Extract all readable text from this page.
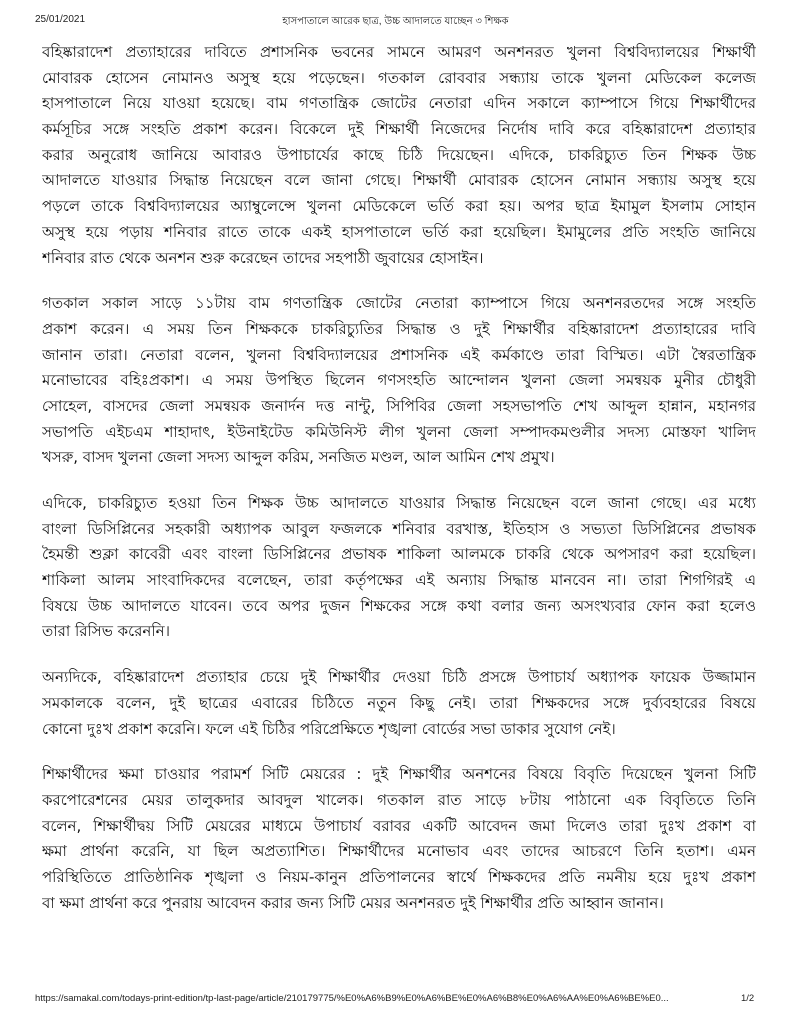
25/01/2021	হাসপাতালে আরেক ছাত্র, উচ্চ আদালতে যাচ্ছেন ৩ শিক্ষক
বহিষ্কারাদেশ প্রত্যাহারের দাবিতে প্রশাসনিক ভবনের সামনে আমরণ অনশনরত খুলনা বিশ্ববিদ্যালয়ের শিক্ষার্থী
মোবারক হোসেন নোমানও অসুস্থ হয়ে পড়েছেন। গতকাল রোববার সন্ধ্যায় তাকে খুলনা মেডিকেল কলেজ
হাসপাতালে নিয়ে যাওয়া হয়েছে। বাম গণতান্ত্রিক জোটের নেতারা এদিন সকালে ক্যাম্পাসে গিয়ে শিক্ষার্থীদের
কর্মসূচির সঙ্গে সংহতি প্রকাশ করেন। বিকেলে দুই শিক্ষার্থী নিজেদের নির্দোষ দাবি করে বহিষ্কারাদেশ প্রত্যাহার
করার অনুরোধ জানিয়ে আবারও উপাচার্যের কাছে চিঠি দিয়েছেন। এদিকে, চাকরিচ্যুত তিন শিক্ষক উচ্চ
আদালতে যাওয়ার সিদ্ধান্ত নিয়েছেন বলে জানা গেছে। শিক্ষার্থী মোবারক হোসেন নোমান সন্ধ্যায় অসুস্থ হয়ে
পড়লে তাকে বিশ্ববিদ্যালয়ের অ্যাম্বুলেন্সে খুলনা মেডিকেলে ভর্তি করা হয়। অপর ছাত্র ইমামুল ইসলাম সোহান
অসুস্থ হয়ে পড়ায় শনিবার রাতে তাকে একই হাসপাতালে ভর্তি করা হয়েছিল। ইমামুলের প্রতি সংহতি জানিয়ে
শনিবার রাত থেকে অনশন শুরু করেছেন তাদের সহপাঠী জুবায়ের হোসাইন।
গতকাল সকাল সাড়ে ১১টায় বাম গণতান্ত্রিক জোটের নেতারা ক্যাম্পাসে গিয়ে অনশনরতদের সঙ্গে সংহতি
প্রকাশ করেন। এ সময় তিন শিক্ষককে চাকরিচ্যুতির সিদ্ধান্ত ও দুই শিক্ষার্থীর বহিষ্কারাদেশ প্রত্যাহারের দাবি
জানান তারা। নেতারা বলেন, খুলনা বিশ্ববিদ্যালয়ের প্রশাসনিক এই কর্মকাণ্ডে তারা বিস্মিত। এটা স্বৈরতান্ত্রিক
মনোভাবের বহিঃপ্রকাশ। এ সময় উপস্থিত ছিলেন গণসংহতি আন্দোলন খুলনা জেলা সমন্বয়ক মুনীর চৌধুরী
সোহেল, বাসদের জেলা সমন্বয়ক জনার্দন দত্ত নান্টু, সিপিবির জেলা সহসভাপতি শেখ আব্দুল হান্নান, মহানগর
সভাপতি এইচএম শাহাদাৎ, ইউনাইটেড কমিউনিস্ট লীগ খুলনা জেলা সম্পাদকমণ্ডলীর সদস্য মোস্তফা খালিদ
খসরু, বাসদ খুলনা জেলা সদস্য আব্দুল করিম, সনজিত মণ্ডল, আল আমিন শেখ প্রমুখ।
এদিকে, চাকরিচ্যুত হওয়া তিন শিক্ষক উচ্চ আদালতে যাওয়ার সিদ্ধান্ত নিয়েছেন বলে জানা গেছে। এর মধ্যে
বাংলা ডিসিপ্লিনের সহকারী অধ্যাপক আবুল ফজলকে শনিবার বরখাস্ত, ইতিহাস ও সভ্যতা ডিসিপ্লিনের প্রভাষক
হৈমন্তী শুক্লা কাবেরী এবং বাংলা ডিসিপ্লিনের প্রভাষক শাকিলা আলমকে চাকরি থেকে অপসারণ করা হয়েছিল।
শাকিলা আলম সাংবাদিকদের বলেছেন, তারা কর্তৃপক্ষের এই অন্যায় সিদ্ধান্ত মানবেন না। তারা শিগগিরই এ
বিষয়ে উচ্চ আদালতে যাবেন। তবে অপর দুজন শিক্ষকের সঙ্গে কথা বলার জন্য অসংখ্যবার ফোন করা হলেও
তারা রিসিভ করেননি।
অন্যদিকে, বহিষ্কারাদেশ প্রত্যাহার চেয়ে দুই শিক্ষার্থীর দেওয়া চিঠি প্রসঙ্গে উপাচার্য অধ্যাপক ফায়েক উজ্জামান
সমকালকে বলেন, দুই ছাত্রের এবারের চিঠিতে নতুন কিছু নেই। তারা শিক্ষকদের সঙ্গে দুর্ব্যবহারের বিষয়ে
কোনো দুঃখ প্রকাশ করেনি। ফলে এই চিঠির পরিপ্রেক্ষিতে শৃঙ্খলা বোর্ডের সভা ডাকার সুযোগ নেই।
শিক্ষার্থীদের ক্ষমা চাওয়ার পরামর্শ সিটি মেয়রের : দুই শিক্ষার্থীর অনশনের বিষয়ে বিবৃতি দিয়েছেন খুলনা সিটি
করপোরেশনের মেয়র তালুকদার আবদুল খালেক। গতকাল রাত সাড়ে ৮টায় পাঠানো এক বিবৃতিতে তিনি
বলেন, শিক্ষার্থীদ্বয় সিটি মেয়রের মাধ্যমে উপাচার্য বরাবর একটি আবেদন জমা দিলেও তারা দুঃখ প্রকাশ বা
ক্ষমা প্রার্থনা করেনি, যা ছিল অপ্রত্যাশিত। শিক্ষার্থীদের মনোভাব এবং তাদের আচরণে তিনি হতাশ। এমন
পরিস্থিতিতে প্রাতিষ্ঠানিক শৃঙ্খলা ও নিয়ম-কানুন প্রতিপালনের স্বার্থে শিক্ষকদের প্রতি নমনীয় হয়ে দুঃখ প্রকাশ
বা ক্ষমা প্রার্থনা করে পুনরায় আবেদন করার জন্য সিটি মেয়র অনশনরত দুই শিক্ষার্থীর প্রতি আহ্বান জানান।
https://samakal.com/todays-print-edition/tp-last-page/article/210179775/%E0%A6%B9%E0%A6%BE%E0%A6%B8%E0%A6%AA%E0%A6%BE%E0...	1/2
